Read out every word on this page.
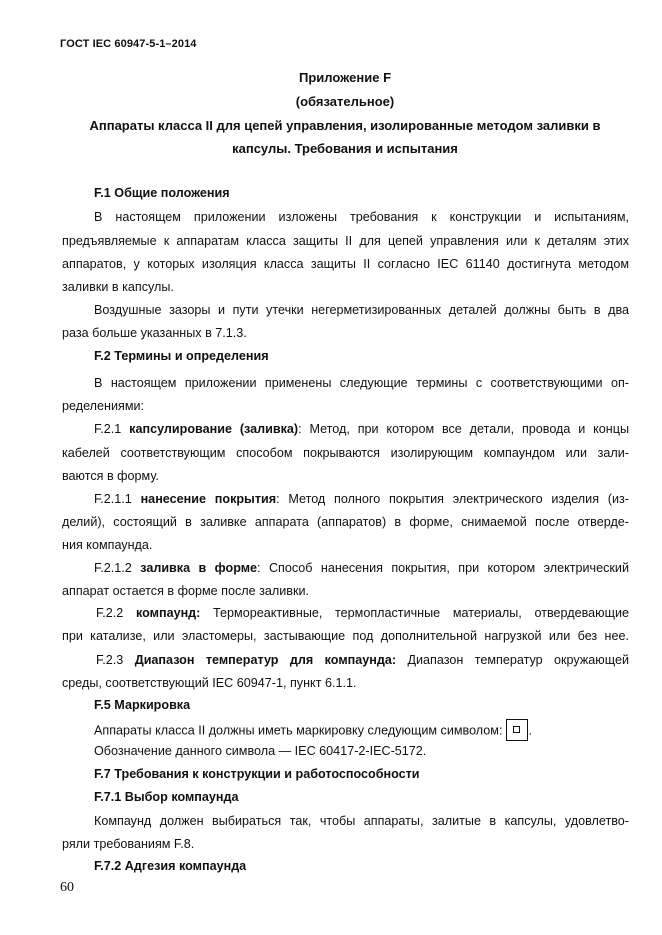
ГОСТ IEC 60947-5-1–2014
Приложение F
(обязательное)
Аппараты класса II для цепей управления, изолированные методом заливки в
капсулы. Требования и испытания
F.1 Общие положения
В настоящем приложении изложены требования к конструкции и испытаниям,
предъявляемые к аппаратам класса защиты II для цепей управления или к деталям этих
аппаратов, у которых изоляция класса защиты II согласно IEC 61140 достигнута методом
заливки в капсулы.
Воздушные зазоры и пути утечки негерметизированных деталей должны быть в два
раза больше указанных в 7.1.3.
F.2 Термины и определения
В настоящем приложении применены следующие термины с соответствующими оп-
ределениями:
F.2.1 капсулирование (заливка): Метод, при котором все детали, провода и концы
кабелей соответствующим способом покрываются изолирующим компаундом или зали-
ваются в форму.
F.2.1.1 нанесение покрытия: Метод полного покрытия электрического изделия (из-
делий), состоящий в заливке аппарата (аппаратов) в форме, снимаемой после отверде-
ния компаунда.
F.2.1.2 заливка в форме: Способ нанесения покрытия, при котором электрический
аппарат остается в форме после заливки.
F.2.2 компаунд: Термореактивные, термопластичные материалы, отвердевающие
при катализе, или эластомеры, застывающие под дополнительной нагрузкой или без нее.
F.2.3 Диапазон температур для компаунда: Диапазон температур окружающей
среды, соответствующий IEC 60947-1, пункт 6.1.1.
F.5 Маркировка
Аппараты класса II должны иметь маркировку следующим символом: .
Обозначение данного символа — IEC 60417-2-IEC-5172.
F.7 Требования к конструкции и работоспособности
F.7.1 Выбор компаунда
Компаунд должен выбираться так, чтобы аппараты, залитые в капсулы, удовлетво-
ряли требованиям F.8.
F.7.2 Адгезия компаунда
60
